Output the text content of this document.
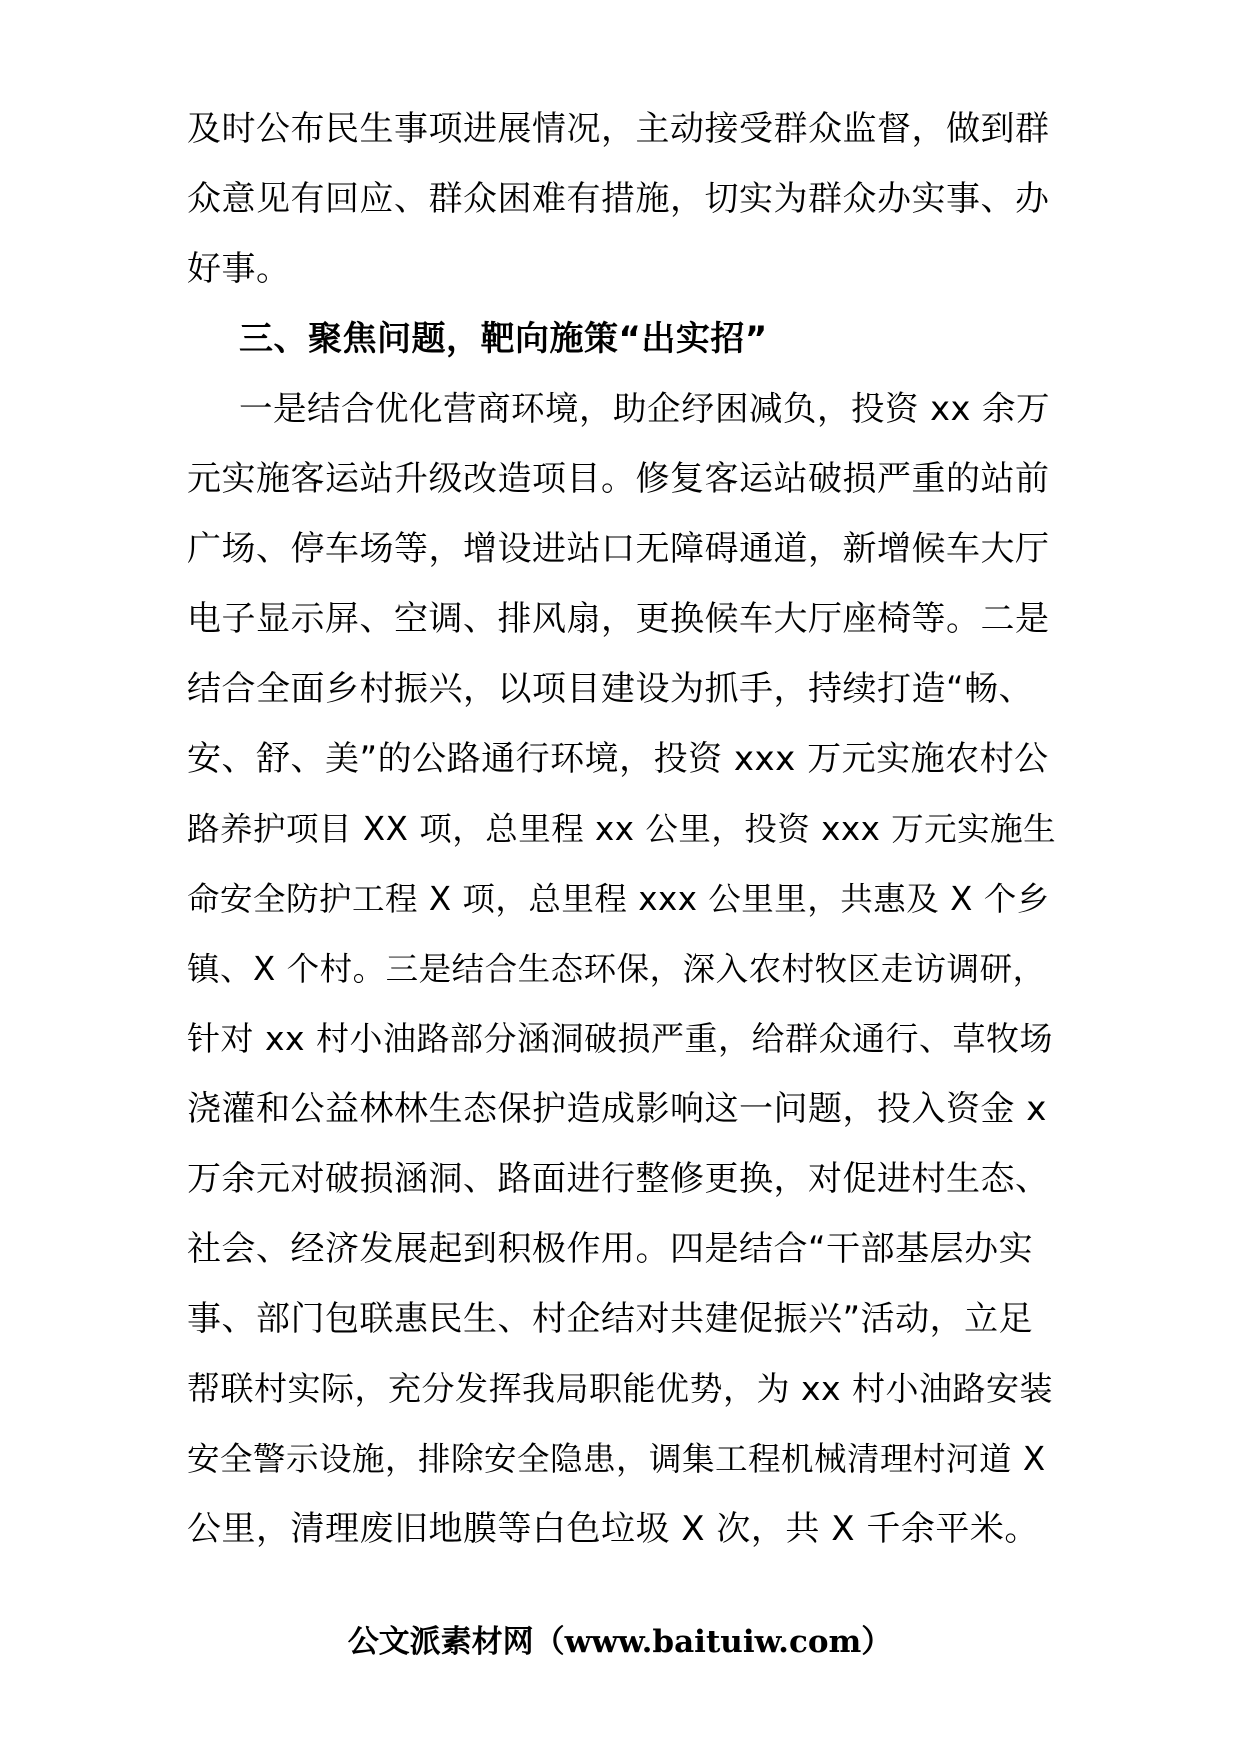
及时公布民生事项进展情况，主动接受群众监督，做到群
众意见有回应、群众困难有措施，切实为群众办实事、办
好事。
三、聚焦问题，靶向施策“出实招”
一是结合优化营商环境，助企纾困减负，投资 xx 余万
元实施客运站升级改造项目。修复客运站破损严重的站前
广场、停车场等，增设进站口无障碍通道，新增候车大厅
电子显示屏、空调、排风扇，更换候车大厅座椅等。二是
结合全面乡村振兴，以项目建设为抓手，持续打造“畅、
安、舒、美”的公路通行环境，投资 xxx 万元实施农村公
路养护项目 XX 项，总里程 xx 公里，投资 xxx 万元实施生
命安全防护工程 X 项，总里程 xxx 公里里，共惠及 X 个乡
镇、X 个村。三是结合生态环保，深入农村牧区走访调研，
针对 xx 村小油路部分涵洞破损严重，给群众通行、草牧场
浇灌和公益林林生态保护造成影响这一问题，投入资金 x
万余元对破损涵洞、路面进行整修更换，对促进村生态、
社会、经济发展起到积极作用。四是结合“干部基层办实
事、部门包联惠民生、村企结对共建促振兴”活动，立足
帮联村实际，充分发挥我局职能优势，为 xx 村小油路安装
安全警示设施，排除安全隐患，调集工程机械清理村河道 X
公里，清理废旧地膜等白色垃圾 X 次，共 X 千余平米。
公文派素材网（www.baituiw.com）
